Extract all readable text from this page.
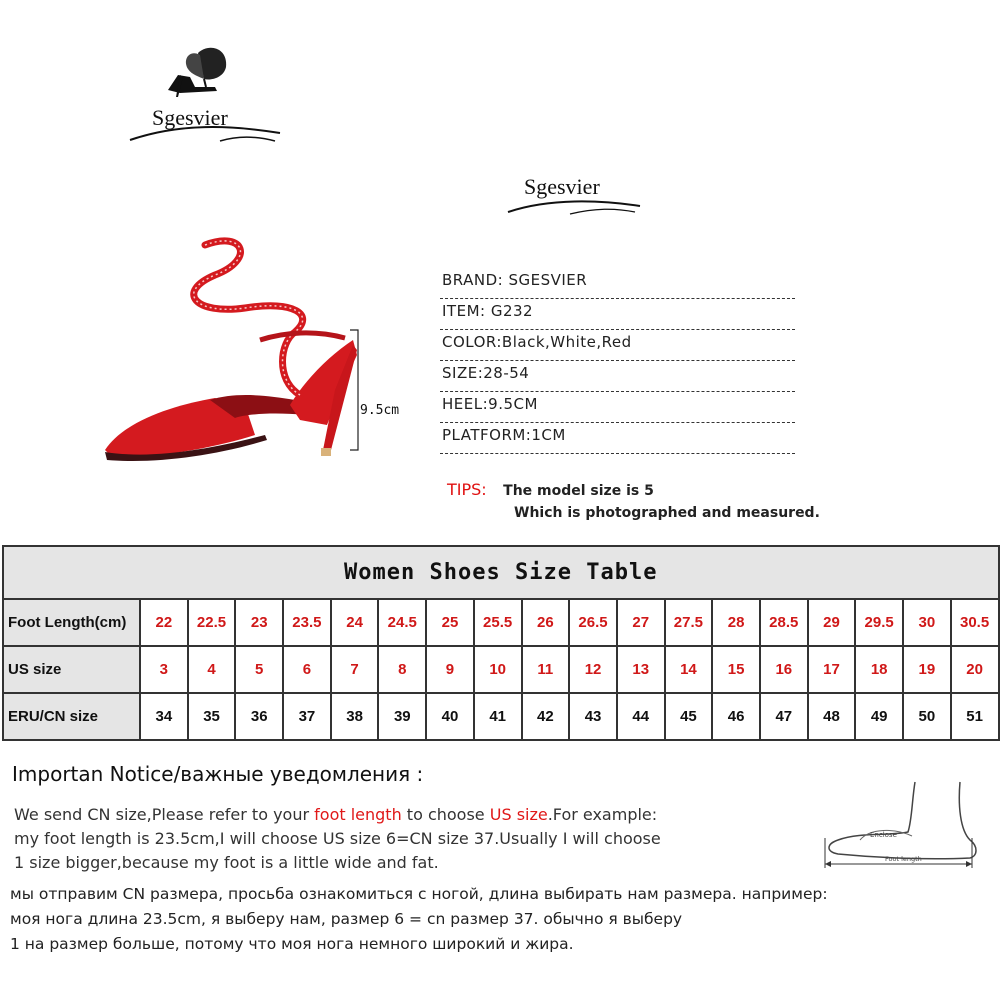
Sgesvier
Sgesvier
9.5cm
BRAND: SGESVIER
ITEM: G232
COLOR:Black,White,Red
SIZE:28-54
HEEL:9.5CM
PLATFORM:1CM
TIPS: The model size is 5
Which is photographed and measured.
Women Shoes Size Table																		
Foot Length(cm)	22	22.5	23	23.5	24	24.5	25	25.5	26	26.5	27	27.5	28	28.5	29	29.5	30	30.5
US size	3	4	5	6	7	8	9	10	11	12	13	14	15	16	17	18	19	20
ERU/CN size	34	35	36	37	38	39	40	41	42	43	44	45	46	47	48	49	50	51
Importan Notice/важные уведомления :
We send CN size,Please refer to your foot length to choose US size.For example:
my foot length is 23.5cm,I will choose US size 6=CN size 37.Usually I will choose
1 size bigger,because my foot is a little wide and fat.
мы отправим CN размера, просьба ознакомиться с ногой, длина выбирать нам размера. например:
моя нога длина 23.5cm, я выберу нам, размер 6 = cn размер 37. обычно я выберу
1 на размер больше, потому что моя нога немного широкий и жира.
Enclose
Foot length
